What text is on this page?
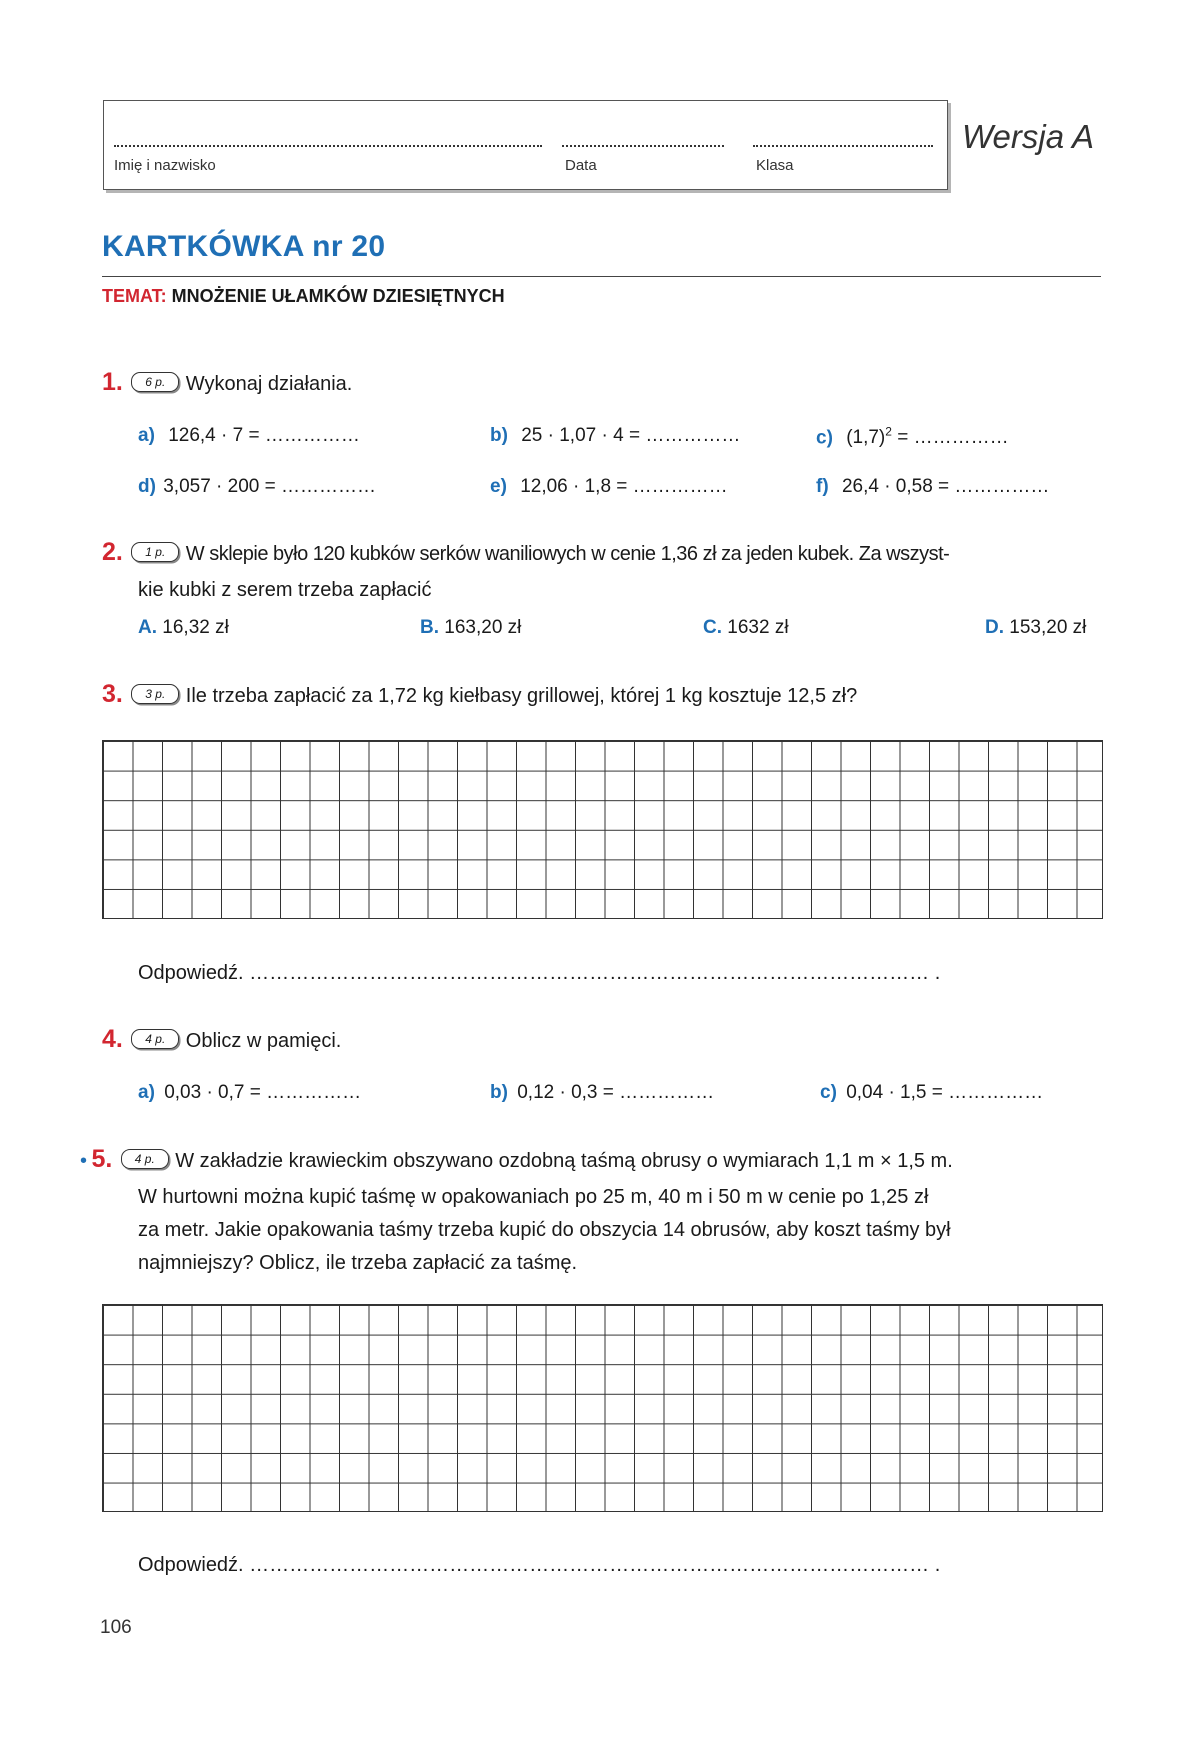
Imię i nazwisko	Data	Klasa
Wersja A
KARTKÓWKA nr 20
TEMAT: MNOŻENIE UŁAMKÓW DZIESIĘTNYCH
1. 6 p. Wykonaj działania.
a) 126,4 · 7 = ……………	b) 25 · 1,07 · 4 = ……………	c) $(1,7)^2$ = ……………
d) 3,057 · 200 = ……………	e) 12,06 · 1,8 = ……………	f) 26,4 · 0,58 = ……………
2. 1 p. W sklepie było 120 kubków serków waniliowych w cenie 1,36 zł za jeden kubek. Za wszyst-
kie kubki z serem trzeba zapłacić
A. 16,32 zł	B. 163,20 zł	C. 1632 zł	D. 153,20 zł
3. 3 p. Ile trzeba zapłacić za 1,72 kg kiełbasy grillowej, której 1 kg kosztuje 12,5 zł?
Odpowiedź. ………………………………………………………………………………………… .
4. 4 p. Oblicz w pamięci.
a) 0,03 · 0,7 = ……………	b) 0,12 · 0,3 = ……………	c) 0,04 · 1,5 = ……………
• 5. 4 p. W zakładzie krawieckim obszywano ozdobną taśmą obrusy o wymiarach 1,1 m × 1,5 m.
W hurtowni można kupić taśmę w opakowaniach po 25 m, 40 m i 50 m w cenie po 1,25 zł
za metr. Jakie opakowania taśmy trzeba kupić do obszycia 14 obrusów, aby koszt taśmy był
najmniejszy? Oblicz, ile trzeba zapłacić za taśmę.
Odpowiedź. ………………………………………………………………………………………… .
106
